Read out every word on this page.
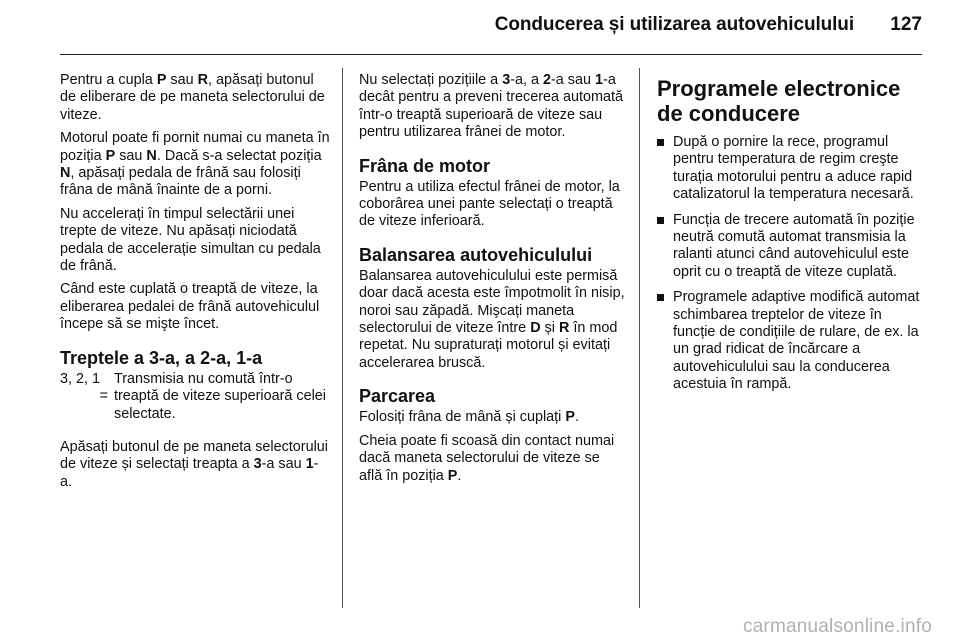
Conducerea și utilizarea autovehiculului 127

Pentru a cupla P sau R, apăsați butonul de eliberare de pe maneta selectorului de viteze.

Motorul poate fi pornit numai cu maneta în poziția P sau N. Dacă s-a selectat poziția N, apăsați pedala de frână sau folosiți frâna de mână înainte de a porni.

Nu accelerați în timpul selectării unei trepte de viteze. Nu apăsați niciodată pedala de accelerație simultan cu pedala de frână.

Când este cuplată o treaptă de viteze, la eliberarea pedalei de frână autovehiculul începe să se mişte încet.

Treptele a 3-a, a 2-a, 1-a
3, 2, 1
=
Transmisia nu comută într-o treaptă de viteze superioară celei selectate.

Apăsați butonul de pe maneta selectorului de viteze și selectați treapta a 3-a sau 1-a.

Nu selectați pozițiile a 3-a, a 2-a sau 1-a decât pentru a preveni trecerea automată într-o treaptă superioară de viteze sau pentru utilizarea frânei de motor.

Frâna de motor

Pentru a utiliza efectul frânei de motor, la coborârea unei pante selectați o treaptă de viteze inferioară.

Balansarea autovehiculului

Balansarea autovehiculului este permisă doar dacă acesta este împotmolit în nisip, noroi sau zăpadă. Mişcați maneta selectorului de viteze între D și R în mod repetat. Nu supraturați motorul și evitați accelerarea bruscă.

Parcarea

Folosiți frâna de mână și cuplați P.

Cheia poate fi scoasă din contact numai dacă maneta selectorului de viteze se află în poziția P.

Programele electronice de conducere
După o pornire la rece, programul pentru temperatura de regim creşte turația motorului pentru a aduce rapid catalizatorul la temperatura necesară.
Funcția de trecere automată în poziție neutră comută automat transmisia la ralanti atunci când autovehiculul este oprit cu o treaptă de viteze cuplată.
Programele adaptive modifică automat schimbarea treptelor de viteze în funcție de condițiile de rulare, de ex. la un grad ridicat de încărcare a autovehiculului sau la conducerea acestuia în rampă.
carmanualsonline.info
